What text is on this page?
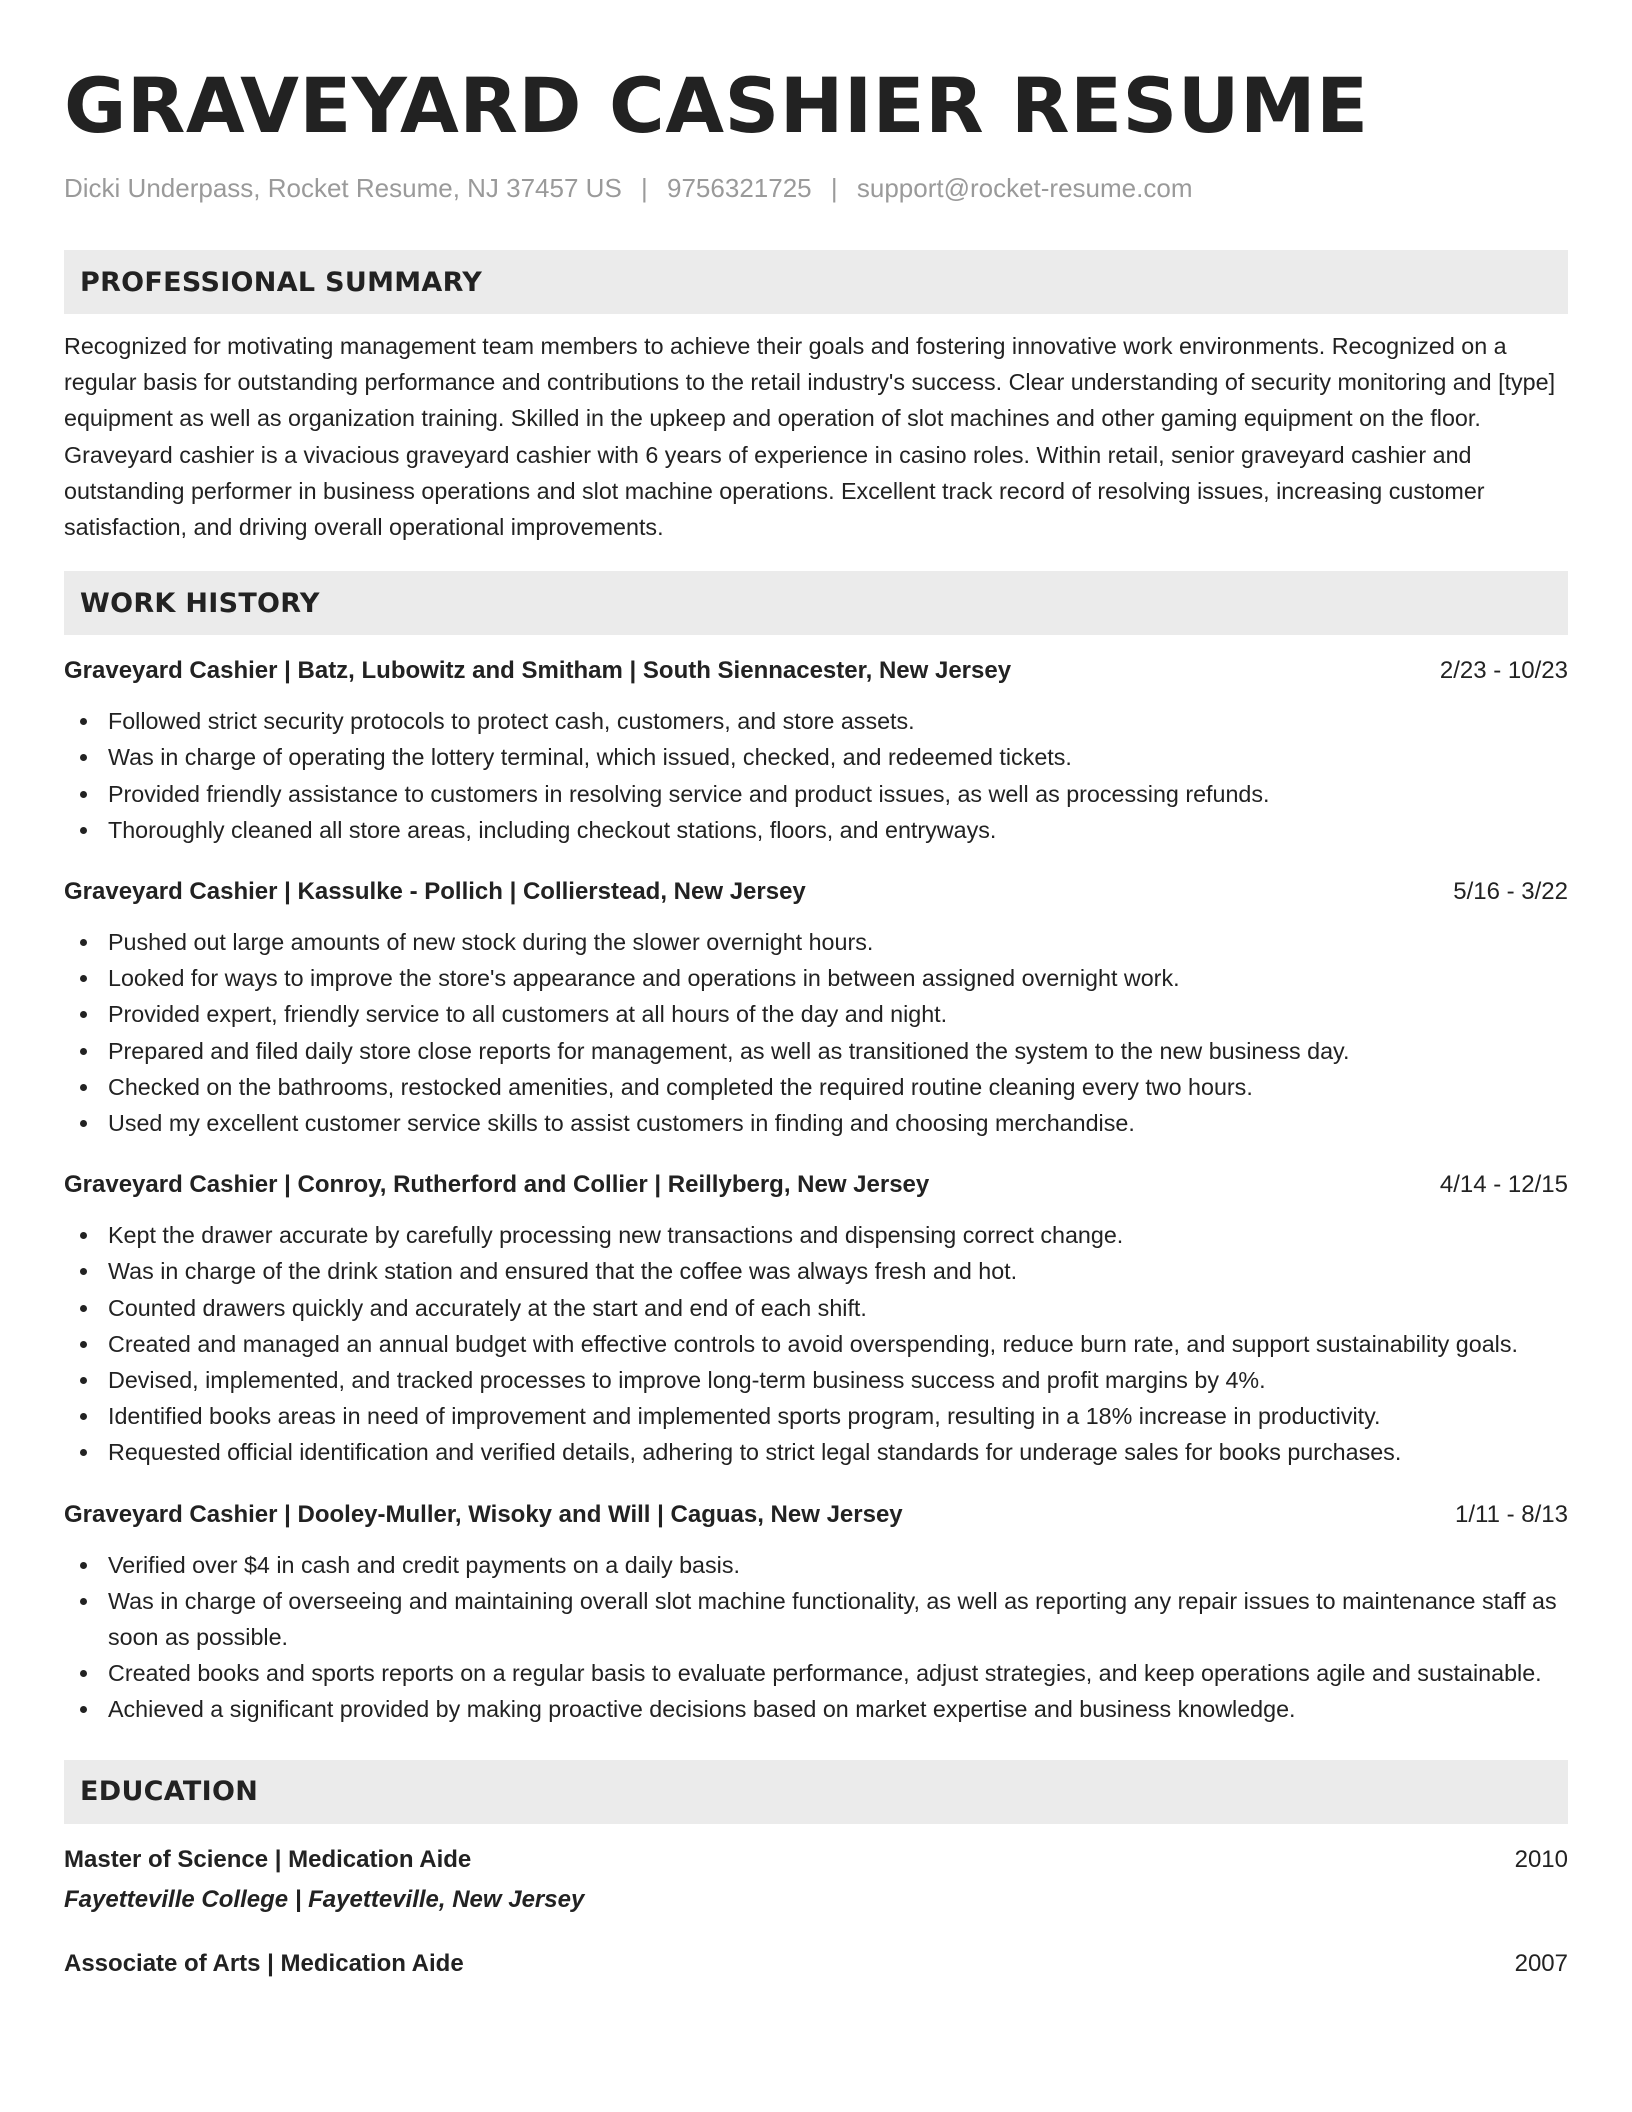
GRAVEYARD CASHIER RESUME
Dicki Underpass, Rocket Resume, NJ 37457 US | 9756321725 | support@rocket-resume.com
PROFESSIONAL SUMMARY

Recognized for motivating management team members to achieve their goals and fostering innovative work environments. Recognized on a regular basis for outstanding performance and contributions to the retail industry's success. Clear understanding of security monitoring and [type] equipment as well as organization training. Skilled in the upkeep and operation of slot machines and other gaming equipment on the floor. Graveyard cashier is a vivacious graveyard cashier with 6 years of experience in casino roles. Within retail, senior graveyard cashier and outstanding performer in business operations and slot machine operations. Excellent track record of resolving issues, increasing customer satisfaction, and driving overall operational improvements.

WORK HISTORY
Graveyard Cashier | Batz, Lubowitz and Smitham | South Siennacester, New Jersey	2/23 - 10/23
Followed strict security protocols to protect cash, customers, and store assets.
Was in charge of operating the lottery terminal, which issued, checked, and redeemed tickets.
Provided friendly assistance to customers in resolving service and product issues, as well as processing refunds.
Thoroughly cleaned all store areas, including checkout stations, floors, and entryways.
Graveyard Cashier | Kassulke - Pollich | Collierstead, New Jersey	5/16 - 3/22
Pushed out large amounts of new stock during the slower overnight hours.
Looked for ways to improve the store's appearance and operations in between assigned overnight work.
Provided expert, friendly service to all customers at all hours of the day and night.
Prepared and filed daily store close reports for management, as well as transitioned the system to the new business day.
Checked on the bathrooms, restocked amenities, and completed the required routine cleaning every two hours.
Used my excellent customer service skills to assist customers in finding and choosing merchandise.
Graveyard Cashier | Conroy, Rutherford and Collier | Reillyberg, New Jersey	4/14 - 12/15
Kept the drawer accurate by carefully processing new transactions and dispensing correct change.
Was in charge of the drink station and ensured that the coffee was always fresh and hot.
Counted drawers quickly and accurately at the start and end of each shift.
Created and managed an annual budget with effective controls to avoid overspending, reduce burn rate, and support sustainability goals.
Devised, implemented, and tracked processes to improve long-term business success and profit margins by 4%.
Identified books areas in need of improvement and implemented sports program, resulting in a 18% increase in productivity.
Requested official identification and verified details, adhering to strict legal standards for underage sales for books purchases.
Graveyard Cashier | Dooley-Muller, Wisoky and Will | Caguas, New Jersey	1/11 - 8/13
Verified over $4 in cash and credit payments on a daily basis.
Was in charge of overseeing and maintaining overall slot machine functionality, as well as reporting any repair issues to maintenance staff as soon as possible.
Created books and sports reports on a regular basis to evaluate performance, adjust strategies, and keep operations agile and sustainable.
Achieved a significant provided by making proactive decisions based on market expertise and business knowledge.
EDUCATION
Master of Science | Medication Aide	2010
Fayetteville College | Fayetteville, New Jersey
Associate of Arts | Medication Aide	2007
